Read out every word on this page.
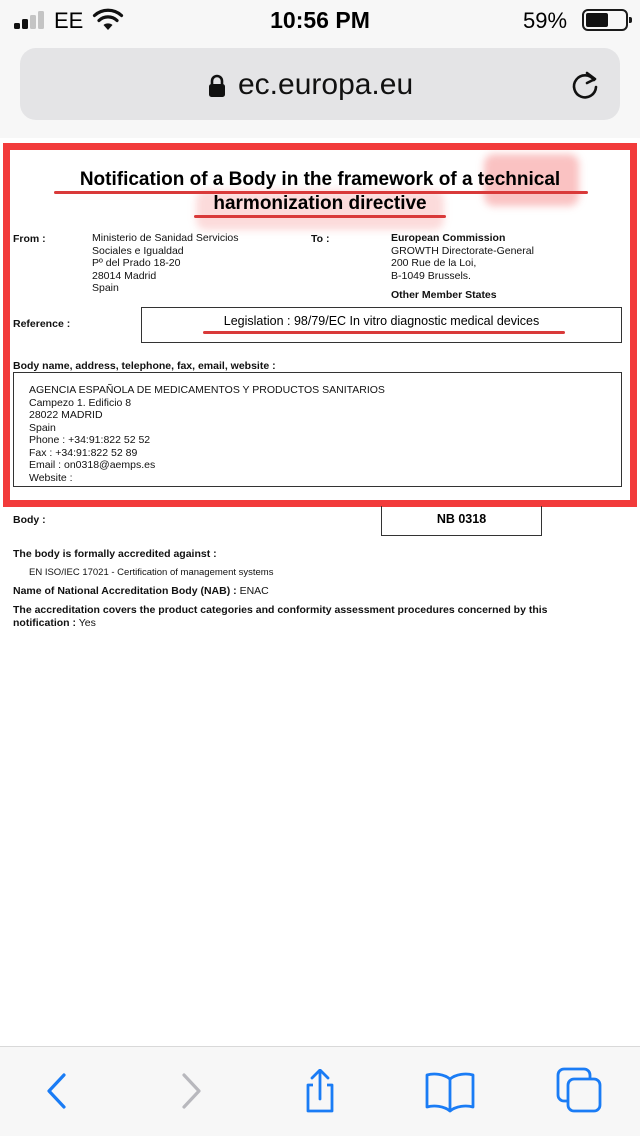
EE	10:56 PM	59%
ec.europa.eu
Notification of a Body in the framework of a technical
harmonization directive
From :	Ministerio de Sanidad Servicios
Sociales e Igualdad
Pº del Prado 18-20
28014 Madrid
Spain
To :	European Commission
GROWTH Directorate-General
200 Rue de la Loi,
B-1049 Brussels.
Other Member States
Reference :	Legislation : 98/79/EC In vitro diagnostic medical devices
Body name, address, telephone, fax, email, website :
AGENCIA ESPAÑOLA DE MEDICAMENTOS Y PRODUCTOS SANITARIOS
Campezo 1. Edificio 8
28022 MADRID
Spain
Phone : +34:91:822 52 52
Fax : +34:91:822 52 89
Email : on0318@aemps.es
Website :
Body :	NB 0318
The body is formally accredited against :
EN ISO/IEC 17021 - Certification of management systems
Name of National Accreditation Body (NAB) : ENAC
The accreditation covers the product categories and conformity assessment procedures concerned by this
notification : Yes
